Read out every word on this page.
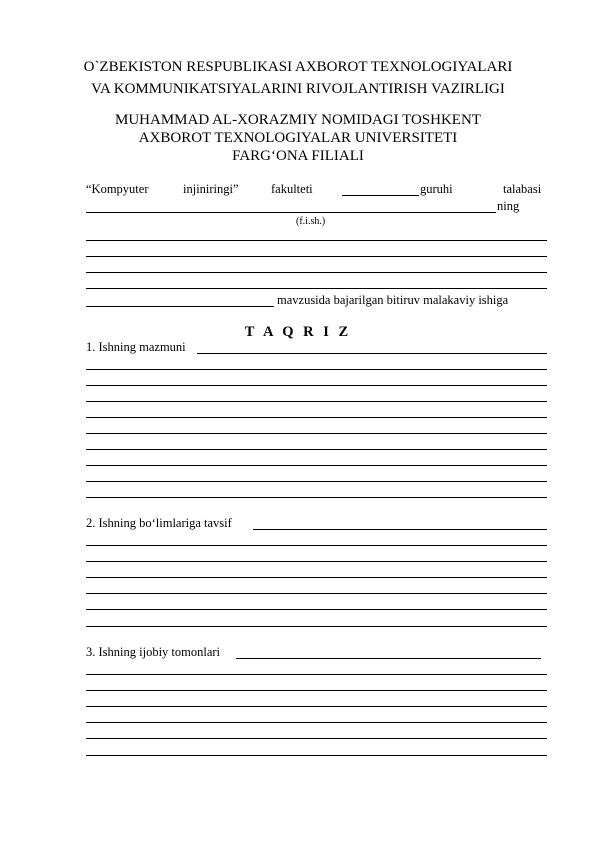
O`ZBEKISTON RESPUBLIKASI AXBOROT TEXNOLOGIYALARI
VA KOMMUNIKATSIYALARINI RIVOJLANTIRISH VAZIRLIGI
MUHAMMAD AL-XORAZMIY NOMIDAGI TOSHKENT
AXBOROT TEXNOLOGIYALAR UNIVERSITETI
FARG‘ONA FILIALI
“Kompyuter	injiniringi”	fakulteti	guruhi	talabasi
ning
(f.i.sh.)
mavzusida bajarilgan bitiruv malakaviy ishiga
T A Q R I Z
1. Ishning mazmuni
2. Ishning bo‘limlariga tavsif
3. Ishning ijobiy tomonlari
